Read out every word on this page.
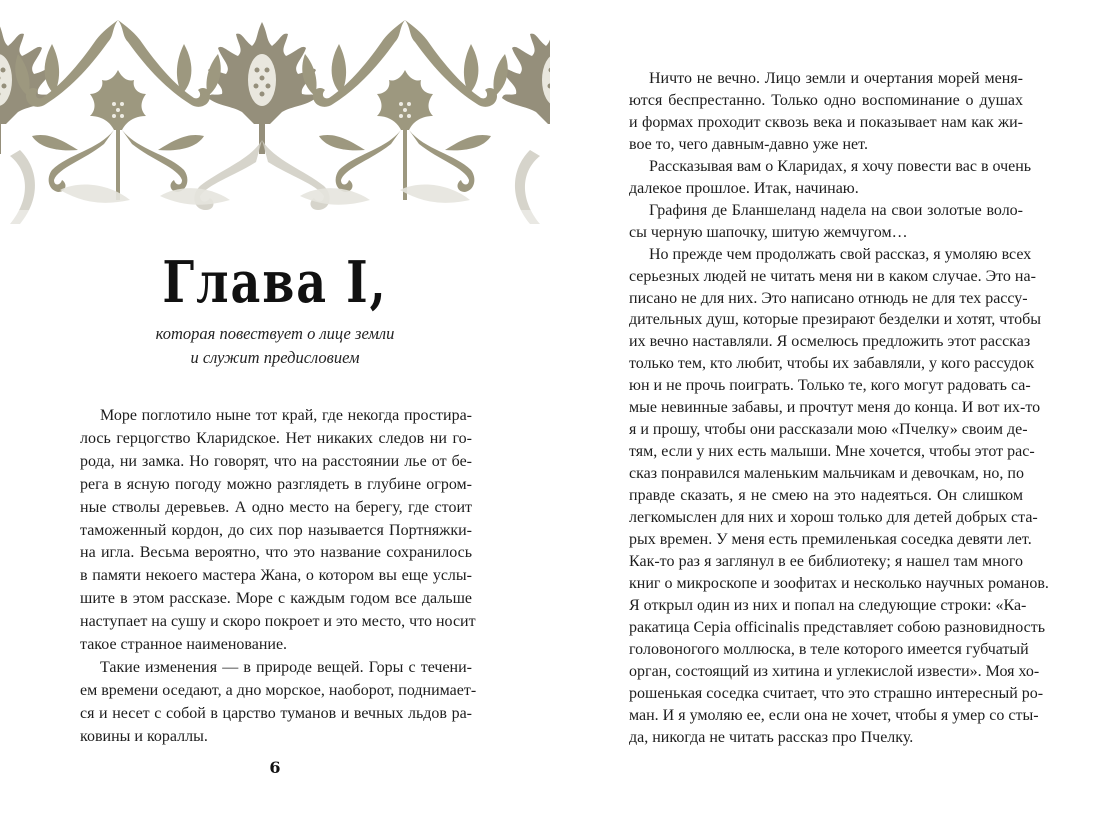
Глава I,
которая повествует о лице земли
и служит предисловием
Море поглотило ныне тот край, где некогда простира-
лось герцогство Кларидское. Нет никаких следов ни го-
рода, ни замка. Но говорят, что на расстоянии лье от бе-
рега в ясную погоду можно разглядеть в глубине огром-
ные стволы деревьев. А одно место на берегу, где стоит
таможенный кордон, до сих пор называется Портняжки-
на игла. Весьма вероятно, что это название сохранилось
в памяти некоего мастера Жана, о котором вы еще услы-
шите в этом рассказе. Море с каждым годом все дальше
наступает на сушу и скоро покроет и это место, что носит
такое странное наименование.
Такие изменения — в природе вещей. Горы с течени-
ем времени оседают, а дно морское, наоборот, поднимает-
ся и несет с собой в царство туманов и вечных льдов ра-
ковины и кораллы.
6
Ничто не вечно. Лицо земли и очертания морей меня-
ются беспрестанно. Только одно воспоминание о душах
и формах проходит сквозь века и показывает нам как жи-
вое то, чего давным-давно уже нет.
Рассказывая вам о Кларидах, я хочу повести вас в очень
далекое прошлое. Итак, начинаю.
Графиня де Бланшеланд надела на свои золотые воло-
сы черную шапочку, шитую жемчугом…
Но прежде чем продолжать свой рассказ, я умоляю всех
серьезных людей не читать меня ни в каком случае. Это на-
писано не для них. Это написано отнюдь не для тех рассу-
дительных душ, которые презирают безделки и хотят, чтобы
их вечно наставляли. Я осмелюсь предложить этот рассказ
только тем, кто любит, чтобы их забавляли, у кого рассудок
юн и не прочь поиграть. Только те, кого могут радовать са-
мые невинные забавы, и прочтут меня до конца. И вот их-то
я и прошу, чтобы они рассказали мою «Пчелку» своим де-
тям, если у них есть малыши. Мне хочется, чтобы этот рас-
сказ понравился маленьким мальчикам и девочкам, но, по
правде сказать, я не смею на это надеяться. Он слишком
легкомыслен для них и хорош только для детей добрых ста-
рых времен. У меня есть премиленькая соседка девяти лет.
Как-то раз я заглянул в ее библиотеку; я нашел там много
книг о микроскопе и зоофитах и несколько научных романов.
Я открыл один из них и попал на следующие строки: «Ка-
ракатица Cepia officinalis представляет собою разновидность
головоногого моллюска, в теле которого имеется губчатый
орган, состоящий из хитина и углекислой извести». Моя хо-
рошенькая соседка считает, что это страшно интересный ро-
ман. И я умоляю ее, если она не хочет, чтобы я умер со сты-
да, никогда не читать рассказ про Пчелку.
